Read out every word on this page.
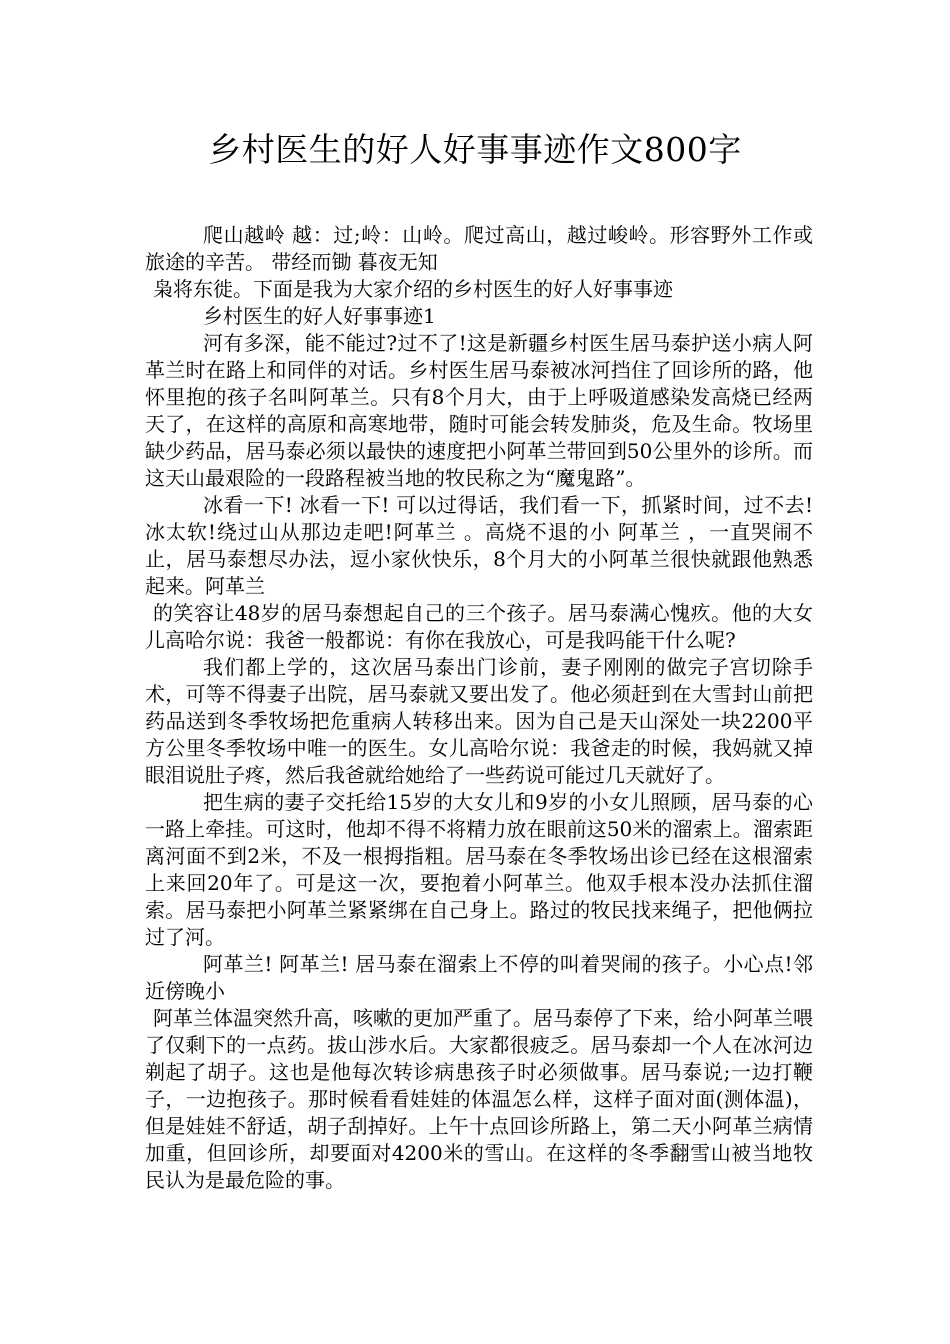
乡村医生的好人好事事迹作文800字

爬山越岭 越：过;岭：山岭。爬过高山，越过峻岭。形容野外工作或旅途的辛苦。 带经而锄 暮夜无知

枭将东徙。下面是我为大家介绍的乡村医生的好人好事事迹

乡村医生的好人好事事迹1

河有多深，能不能过?过不了!这是新疆乡村医生居马泰护送小病人阿革兰时在路上和同伴的对话。乡村医生居马泰被冰河挡住了回诊所的路，他怀里抱的孩子名叫阿革兰。只有8个月大，由于上呼吸道感染发高烧已经两天了，在这样的高原和高寒地带，随时可能会转发肺炎，危及生命。牧场里缺少药品，居马泰必须以最快的速度把小阿革兰带回到50公里外的诊所。而这天山最艰险的一段路程被当地的牧民称之为“魔鬼路”。

冰看一下! 冰看一下! 可以过得话，我们看一下，抓紧时间，过不去!冰太软!绕过山从那边走吧!阿革兰 。高烧不退的小 阿革兰 ，一直哭闹不止，居马泰想尽办法，逗小家伙快乐，8个月大的小阿革兰很快就跟他熟悉起来。阿革兰

的笑容让48岁的居马泰想起自己的三个孩子。居马泰满心愧疚。他的大女儿高哈尔说：我爸一般都说：有你在我放心，可是我吗能干什么呢?

我们都上学的，这次居马泰出门诊前，妻子刚刚的做完子宫切除手术，可等不得妻子出院，居马泰就又要出发了。他必须赶到在大雪封山前把药品送到冬季牧场把危重病人转移出来。因为自己是天山深处一块2200平方公里冬季牧场中唯一的医生。女儿高哈尔说：我爸走的时候，我妈就又掉眼泪说肚子疼，然后我爸就给她给了一些药说可能过几天就好了。

把生病的妻子交托给15岁的大女儿和9岁的小女儿照顾，居马泰的心一路上牵挂。可这时，他却不得不将精力放在眼前这50米的溜索上。溜索距离河面不到2米，不及一根拇指粗。居马泰在冬季牧场出诊已经在这根溜索上来回20年了。可是这一次，要抱着小阿革兰。他双手根本没办法抓住溜索。居马泰把小阿革兰紧紧绑在自己身上。路过的牧民找来绳子，把他俩拉过了河。

阿革兰! 阿革兰! 居马泰在溜索上不停的叫着哭闹的孩子。小心点!邻近傍晚小

阿革兰体温突然升高，咳嗽的更加严重了。居马泰停了下来，给小阿革兰喂了仅剩下的一点药。拔山涉水后。大家都很疲乏。居马泰却一个人在冰河边剃起了胡子。这也是他每次转诊病患孩子时必须做事。居马泰说;一边打鞭子，一边抱孩子。那时候看看娃娃的体温怎么样，这样子面对面(测体温)，但是娃娃不舒适，胡子刮掉好。上午十点回诊所路上，第二天小阿革兰病情加重，但回诊所，却要面对4200米的雪山。在这样的冬季翻雪山被当地牧民认为是最危险的事。
